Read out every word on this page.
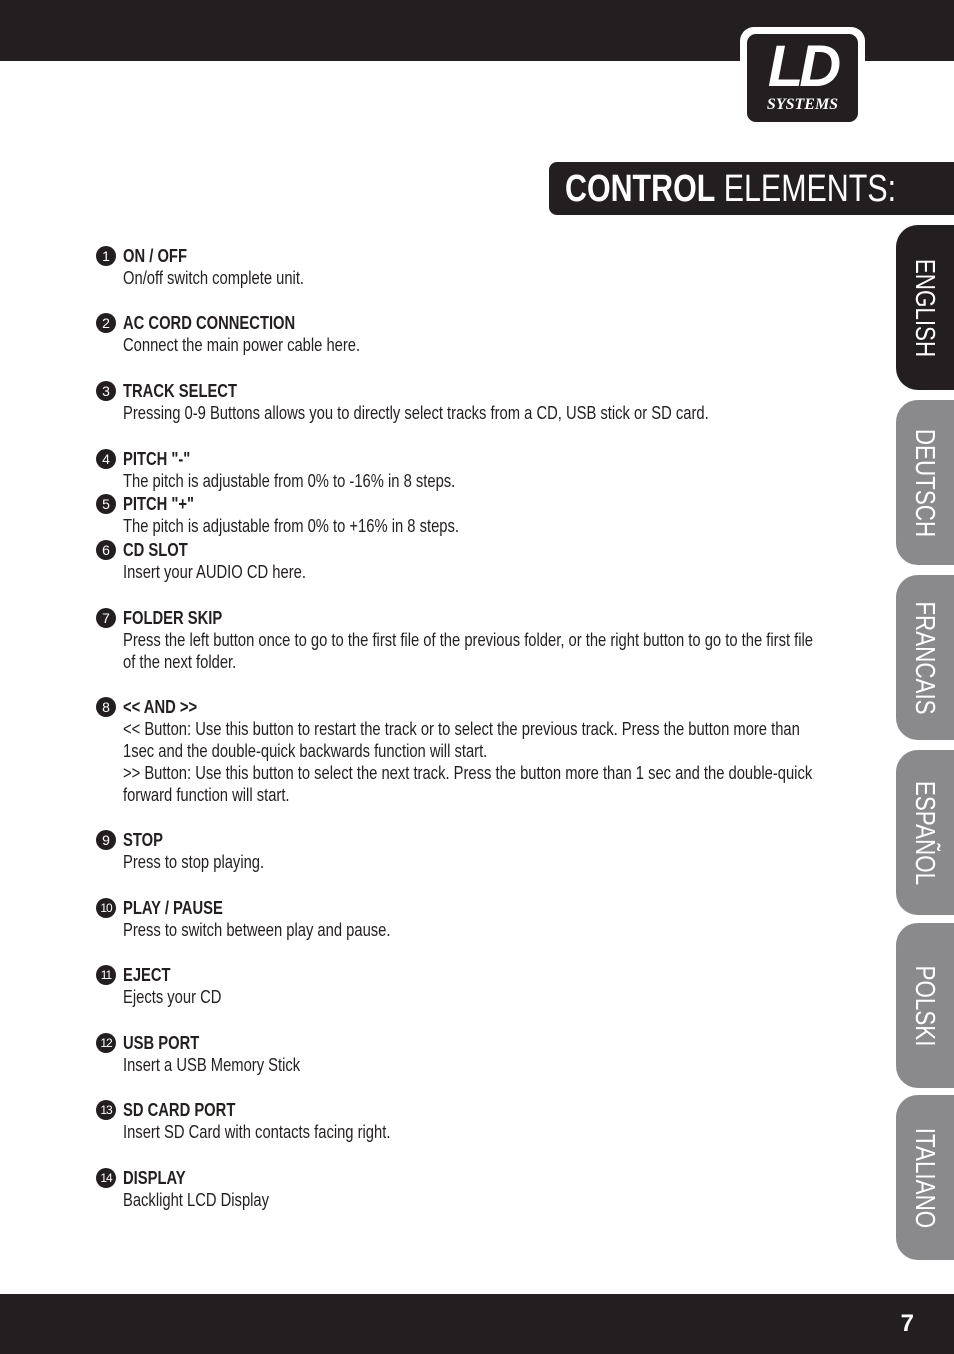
LD
SYSTEMS
CONTROL ELEMENTS:
1 ON / OFF
On/off switch complete unit.
2 AC CORD CONNECTION
Connect the main power cable here.
3 TRACK SELECT
Pressing 0-9 Buttons allows you to directly select tracks from a CD, USB stick or SD card.
4 PITCH "-"
The pitch is adjustable from 0% to -16% in 8 steps.
5 PITCH "+"
The pitch is adjustable from 0% to +16% in 8 steps.
6 CD SLOT
Insert your AUDIO CD here.
7 FOLDER SKIP
Press the left button once to go to the first file of the previous folder, or the right button to go to the first file
of the next folder.
8 << AND >>
<< Button: Use this button to restart the track or to select the previous track. Press the button more than
1sec and the double-quick backwards function will start.
>> Button: Use this button to select the next track. Press the button more than 1 sec and the double-quick
forward function will start.
9 STOP
Press to stop playing.
10 PLAY / PAUSE
Press to switch between play and pause.
11 EJECT
Ejects your CD
12 USB PORT
Insert a USB Memory Stick
13 SD CARD PORT
Insert SD Card with contacts facing right.
14 DISPLAY
Backlight LCD Display
ENGLISH
DEUTSCH
FRANCAIS
ESPAÑOL
POLSKI
ITALIANO
7
